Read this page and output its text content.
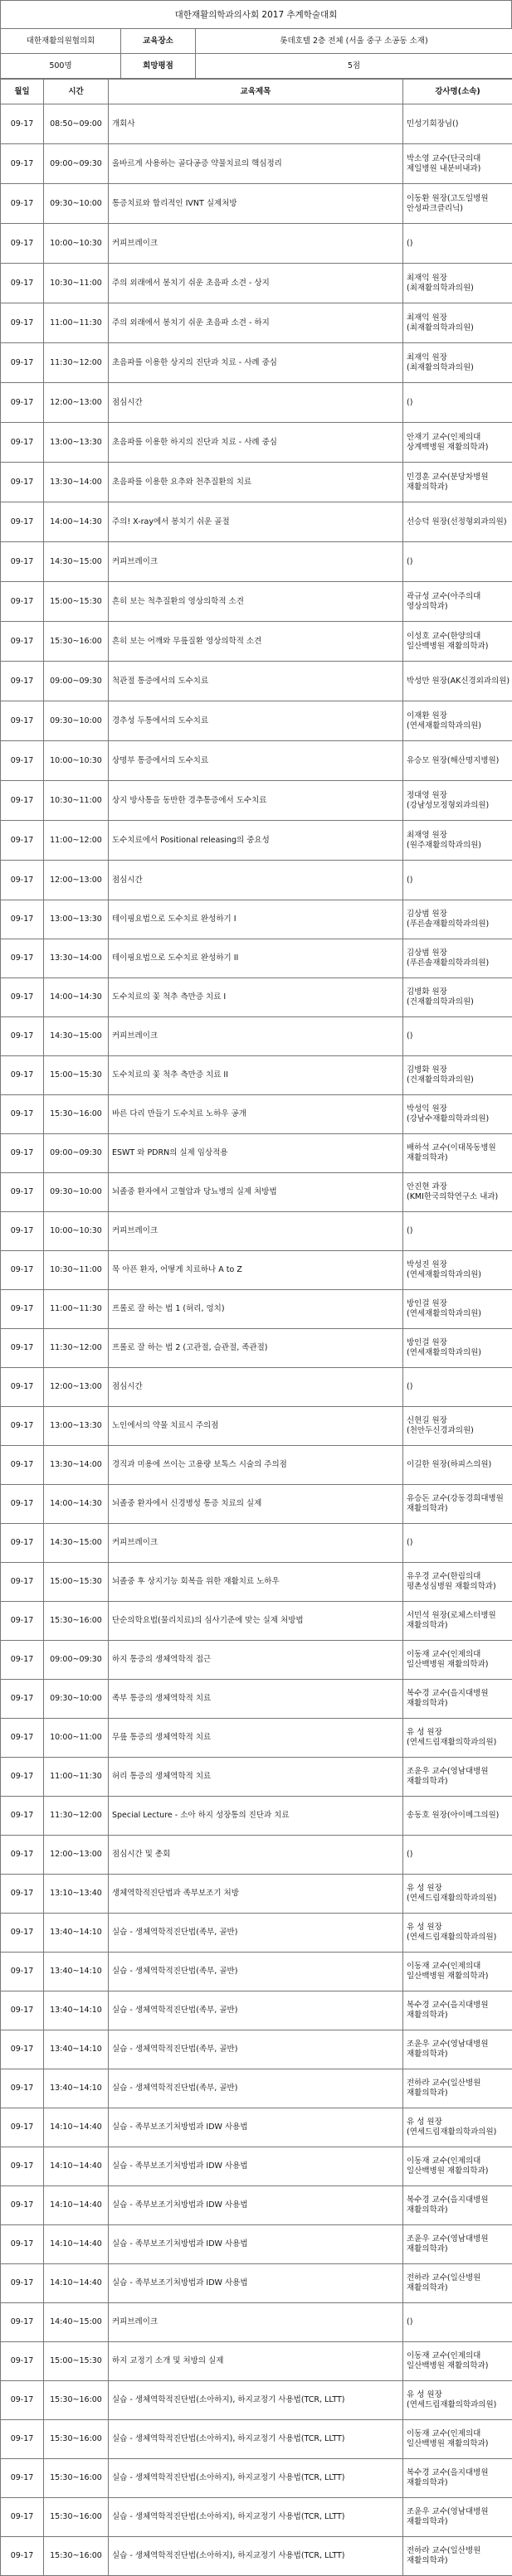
대한재활의학과의사회 2017 추계학술대회
대한재활의원협의회	교육장소	롯데호텔 2층 전체 (서울 중구 소공동 소재)
500명	희망평점	5점
월일	시간	교육제목	강사명(소속)
09-17	08:50~09:00	개회사	민성기회장님()
09-17	09:00~09:30	올바르게 사용하는 골다공증 약물치료의 핵심정리	박소영 교수(단국의대 제일병원 내분비내과)
09-17	09:30~10:00	통증치료와 합리적인 IVNT 실제처방	이동환 원장(고도일병원 안성파크클리닉)
09-17	10:00~10:30	커피브레이크	()
09-17	10:30~11:00	주의 외래에서 봉치기 쉬운 초음파 소견 - 상지	최재익 원장(최재활의학과의원)
09-17	11:00~11:30	주의 외래에서 봉치기 쉬운 초음파 소견 - 하지	최재익 원장(최재활의학과의원)
09-17	11:30~12:00	초음파를 이용한 상지의 진단과 치료 - 사례 중심	최재익 원장(최재활의학과의원)
09-17	12:00~13:00	점심시간	()
09-17	13:00~13:30	초음파를 이용한 하지의 진단과 치료 - 사례 중심	안재기 교수(인제의대 상계백병원 재활의학과)
09-17	13:30~14:00	초음파를 이용한 요추와 천추질환의 치료	민경훈 교수(분당차병원 재활의학과)
09-17	14:00~14:30	주의! X-ray에서 봉치기 쉬운 골절	선승덕 원장(선정형외과의원)
09-17	14:30~15:00	커피브레이크	()
09-17	15:00~15:30	흔히 보는 척추질환의 영상의학적 소견	곽규성 교수(아주의대 영상의학과)
09-17	15:30~16:00	흔히 보는 어깨와 무릎질환 영상의학적 소견	이성호 교수(한양의대 일산백병원 재활의학과)
09-17	09:00~09:30	척관절 통증에서의 도수치료	박성만 원장(AK신경외과의원)
09-17	09:30~10:00	경추성 두통에서의 도수치료	이재환 원장(연세재활의학과의원)
09-17	10:00~10:30	상명부 통증에서의 도수치료	유승모 원장(해산명지병원)
09-17	10:30~11:00	상지 방사통을 동반한 경추통증에서 도수치료	정대영 원장(강남성모정형외과의원)
09-17	11:00~12:00	도수치료에서 Positional releasing의 중요성	최재영 원장(원주재활의학과의원)
09-17	12:00~13:00	점심시간	()
09-17	13:00~13:30	테이핑요법으로 도수치료 완성하기 I	김상범 원장(푸른솔재활의학과의원)
09-17	13:30~14:00	테이핑요법으로 도수치료 완성하기 II	김상범 원장(푸른솔재활의학과의원)
09-17	14:00~14:30	도수치료의 꽃 척추 측만증 치료 I	김병화 원장(건재활의학과의원)
09-17	14:30~15:00	커피브레이크	()
09-17	15:00~15:30	도수치료의 꽃 척추 측만증 치료 II	김병화 원장(건재활의학과의원)
09-17	15:30~16:00	바른 다리 만들기 도수치료 노하우 공개	박성익 원장(강남수재활의학과의원)
09-17	09:00~09:30	ESWT 와 PDRN의 실제 임상적용	배하석 교수(이대목동병원 재활의학과)
09-17	09:30~10:00	뇌졸중 환자에서 고혈압과 당뇨병의 실제 처방법	안진현 과장(KMI한국의학연구소 내과)
09-17	10:00~10:30	커피브레이크	()
09-17	10:30~11:00	목 아픈 환자, 어떻게 치료하나 A to Z	박성진 원장(연세재활의학과의원)
09-17	11:00~11:30	프롤로 잘 하는 법 1 (허리, 엉치)	방인걸 원장(연세재활의학과의원)
09-17	11:30~12:00	프롤로 잘 하는 법 2 (고관절, 슬관절, 족관절)	방인걸 원장(연세재활의학과의원)
09-17	12:00~13:00	점심시간	()
09-17	13:00~13:30	노인에서의 약물 치료시 주의점	신현길 원장(천안두신경과의원)
09-17	13:30~14:00	경직과 미용에 쓰이는 고용량 보톡스 시술의 주의점	이길한 원장(하피스의원)
09-17	14:00~14:30	뇌졸중 환자에서 신경병성 통증 치료의 실제	유승돈 교수(강동경희대병원 재활의학과)
09-17	14:30~15:00	커피브레이크	()
09-17	15:00~15:30	뇌졸중 후 상지기능 회복을 위한 재활치료 노하우	유우경 교수(한림의대 평촌성심병원 재활의학과)
09-17	15:30~16:00	단순의학요법(물리치료)의 심사기준에 맞는 실제 처방법	서민석 원장(로체스터병원 재활의학과)
09-17	09:00~09:30	하지 통증의 생체역학적 접근	이동재 교수(인제의대 일산백병원 재활의학과)
09-17	09:30~10:00	족부 통증의 생체역학적 치료	복수경 교수(을지대병원 재활의학과)
09-17	10:00~11:00	무릎 통증의 생체역학적 치료	유 성 원장(연세드림재활의학과의원)
09-17	11:00~11:30	허리 통증의 생체역학적 치료	조윤우 교수(영남대병원 재활의학과)
09-17	11:30~12:00	Special Lecture - 소아 하지 성장통의 진단과 치료	송동호 원장(아이메그의원)
09-17	12:00~13:00	점심시간 및 총회	()
09-17	13:10~13:40	생체역학적진단법과 족부보조기 처방	유 성 원장(연세드림재활의학과의원)
09-17	13:40~14:10	실습 - 생체역학적진단법(족부, 골반)	유 성 원장(연세드림재활의학과의원)
09-17	13:40~14:10	실습 - 생체역학적진단법(족부, 골반)	이동재 교수(인제의대 일산백병원 재활의학과)
09-17	13:40~14:10	실습 - 생체역학적진단법(족부, 골반)	복수경 교수(을지대병원 재활의학과)
09-17	13:40~14:10	실습 - 생체역학적진단법(족부, 골반)	조윤우 교수(영남대병원 재활의학과)
09-17	13:40~14:10	실습 - 생체역학적진단법(족부, 골반)	전하라 교수(일산병원 재활의학과)
09-17	14:10~14:40	실습 - 족부보조기처방법과 IDW 사용법	유 성 원장(연세드림재활의학과의원)
09-17	14:10~14:40	실습 - 족부보조기처방법과 IDW 사용법	이동재 교수(인제의대 일산백병원 재활의학과)
09-17	14:10~14:40	실습 - 족부보조기처방법과 IDW 사용법	복수경 교수(을지대병원 재활의학과)
09-17	14:10~14:40	실습 - 족부보조기처방법과 IDW 사용법	조윤우 교수(영남대병원 재활의학과)
09-17	14:10~14:40	실습 - 족부보조기처방법과 IDW 사용법	전하라 교수(일산병원 재활의학과)
09-17	14:40~15:00	커피브레이크	()
09-17	15:00~15:30	하지 교정기 소개 및 처방의 실제	이동재 교수(인제의대 일산백병원 재활의학과)
09-17	15:30~16:00	실습 - 생체역학적진단법(소아하지), 하지교정기 사용법(TCR, LLTT)	유 성 원장(연세드림재활의학과의원)
09-17	15:30~16:00	실습 - 생체역학적진단법(소아하지), 하지교정기 사용법(TCR, LLTT)	이동재 교수(인제의대 일산백병원 재활의학과)
09-17	15:30~16:00	실습 - 생체역학적진단법(소아하지), 하지교정기 사용법(TCR, LLTT)	복수경 교수(을지대병원 재활의학과)
09-17	15:30~16:00	실습 - 생체역학적진단법(소아하지), 하지교정기 사용법(TCR, LLTT)	조윤우 교수(영남대병원 재활의학과)
09-17	15:30~16:00	실습 - 생체역학적진단법(소아하지), 하지교정기 사용법(TCR, LLTT)	전하라 교수(일산병원 재활의학과)
